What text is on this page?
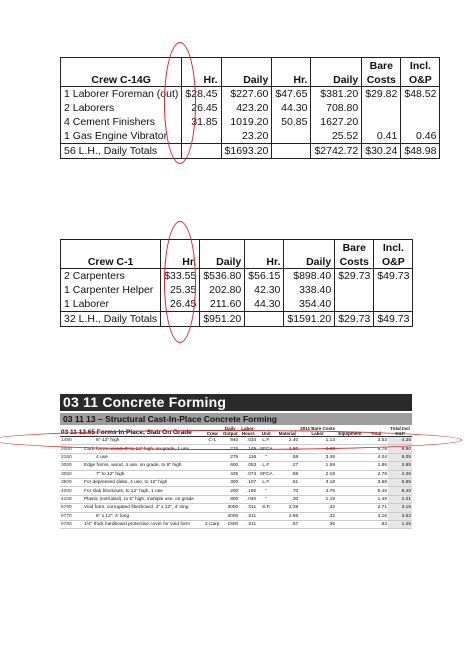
					Bare	Incl.
Crew C-14G	Hr.	Daily	Hr.	Daily	Costs	O&P
1 Laborer Foreman (out)	$28.45	$227.60	$47.65	$381.20	$29.82	$48.52
2 Laborers	26.45	423.20	44.30	708.80		
4 Cement Finishers	31.85	1019.20	50.85	1627.20		
1 Gas Engine Vibrator		23.20		25.52	0.41	0.46
56 L.H., Daily Totals		$1693.20		$2742.72	$30.24	$48.98
					Bare	Incl.
Crew C-1	Hr.	Daily	Hr.	Daily	Costs	O&P
2 Carpenters	$33.55	$536.80	$56.15	$898.40	$29.73	$49.73
1 Carpenter Helper	25.35	202.80	42.30	338.40		
1 Laborer	26.45	211.60	44.30	354.40		
32 L.H., Daily Totals		$951.20		$1591.20	$29.73	$49.73
03 11 Concrete Forming
03 11 13 – Structural Cast-In-Place Concrete Forming
03 11 13.65 Forms In Place, Slab On Grade		Crew	Daily Output	Labor-Hours	Unit	Material	2011 Bare Costs
Labor	Equipment	Total	Total Incl O&P
1450	6"-12" high	C-1	940	.034	L.F.	2.40	1.13		3.53	4.35
2000	Curb forms, wood, 6" to 12" high, on grade, 1 use		215	.149	SFCA	1.80	4.43		6.78	9.90
2150	4 use		275	.116	"	.58	3.46		4.04	6.05
3000	Edge forms, wood, 4 use, on grade, to 6" high		600	.053	L.F.	.27	1.59		1.86	2.95
3050	7" to 12" high		435	.074	SFCA	.59	2.19		2.78	4.26
3500	For depressed slabs, 4 use, to 12" high		300	.107	L.F.	.51	3.18		3.69	5.65
4000	For slab blockouts, to 12" high, 1 use		200	.160	"	.70	4.76		5.46	8.40
4100	Plastic (extruded), to 6" high, multiple use, on grade		800	.040	"	.30	1.19		1.49	2.21
8760	Void form, corrugated fiberboard, 4" x 12", 4' long		3000	.011	S.F.	2.39	.32		2.71	3.15
8770	6" x 12", 4' long		3000	.011		2.86	.32		3.18	3.62
8780	1/4" thick hardboard protective cover for void form	2 Carp	1500	.011		.57	.36		.93	1.25
